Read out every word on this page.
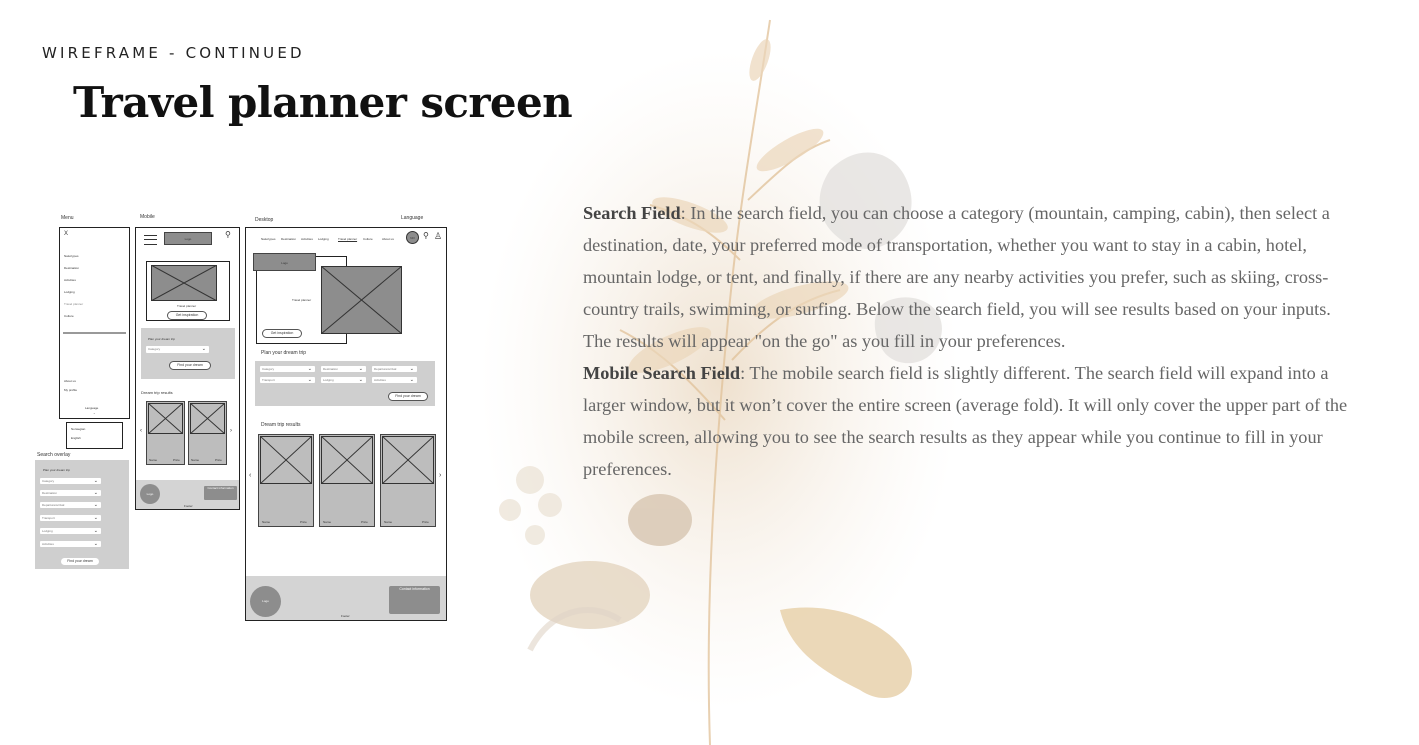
WIREFRAME - CONTINUED
Travel planner screen
Search Field: In the search field, you can choose a category (mountain, camping, cabin), then select a destination, date, your preferred mode of transportation, whether you want to stay in a cabin, hotel, mountain lodge, or tent, and finally, if there are any nearby activities you prefer, such as skiing, cross-country trails, swimming, or surfing. Below the search field, you will see results based on your inputs. The results will appear "on the go" as you fill in your preferences.
Mobile Search Field: The mobile search field is slightly different. The search field will expand into a larger window, but it won’t cover the entire screen (average fold). It will only cover the upper part of the mobile screen, allowing you to see the search results as they appear while you continue to fill in your preferences.
Menu
X
Naturtypes
Destination
Activities
Lodging
Travel planner
Culture
About us
My profile
Language
⌄
Norwegian
English
Search overlay
Plan your dream trip
Category	⌄
Destination	⌄
Departure/arrival	⌄
Transport	⌄
Lodging	⌄
Activities	⌄
Find your dream
Mobile
Logo	⚲
Travel planner
Get inspiration
Plan your dream trip
Category	⌄
Find your dream
Dream trip results
‹
Name	Price	Name	Price
›
Logo
Contact information
Footer
Desktop	Language
Naturtypes Destination Activities Lodging	Travel planner Culture	About us	NO	⚲ ♙
Logo
Travel planner
Get inspiration
Plan your dream trip
Category	⌄	Destination	⌄	Departure/arrival	⌄
Transport	⌄	Lodging	⌄	Activities	⌄
Find your dream
Dream trip results
‹
Name	Price	Name	Price	Name	Price
›
Logo
Contact information
Footer
